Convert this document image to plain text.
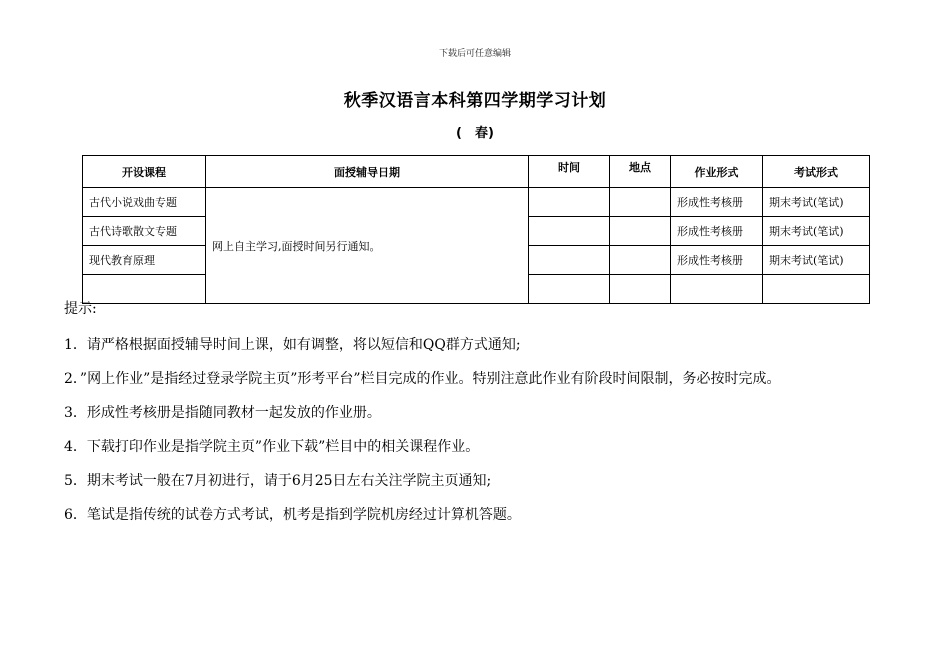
下载后可任意编辑
秋季汉语言本科第四学期学习计划
(　春)
开设课程	面授辅导日期	时间	地点	作业形式	考试形式
古代小说戏曲专题	网上自主学习,面授时间另行通知。			形成性考核册	期末考试(笔试)
古代诗歌散文专题				形成性考核册	期末考试(笔试)
现代教育原理				形成性考核册	期末考试(笔试)

提示:

1．请严格根据面授辅导时间上课，如有调整，将以短信和QQ群方式通知;

2．”网上作业”是指经过登录学院主页”形考平台”栏目完成的作业。特别注意此作业有阶段时间限制，务必按时完成。

3．形成性考核册是指随同教材一起发放的作业册。

4．下载打印作业是指学院主页”作业下载”栏目中的相关课程作业。

5．期末考试一般在7月初进行，请于6月25日左右关注学院主页通知;

6．笔试是指传统的试卷方式考试，机考是指到学院机房经过计算机答题。
